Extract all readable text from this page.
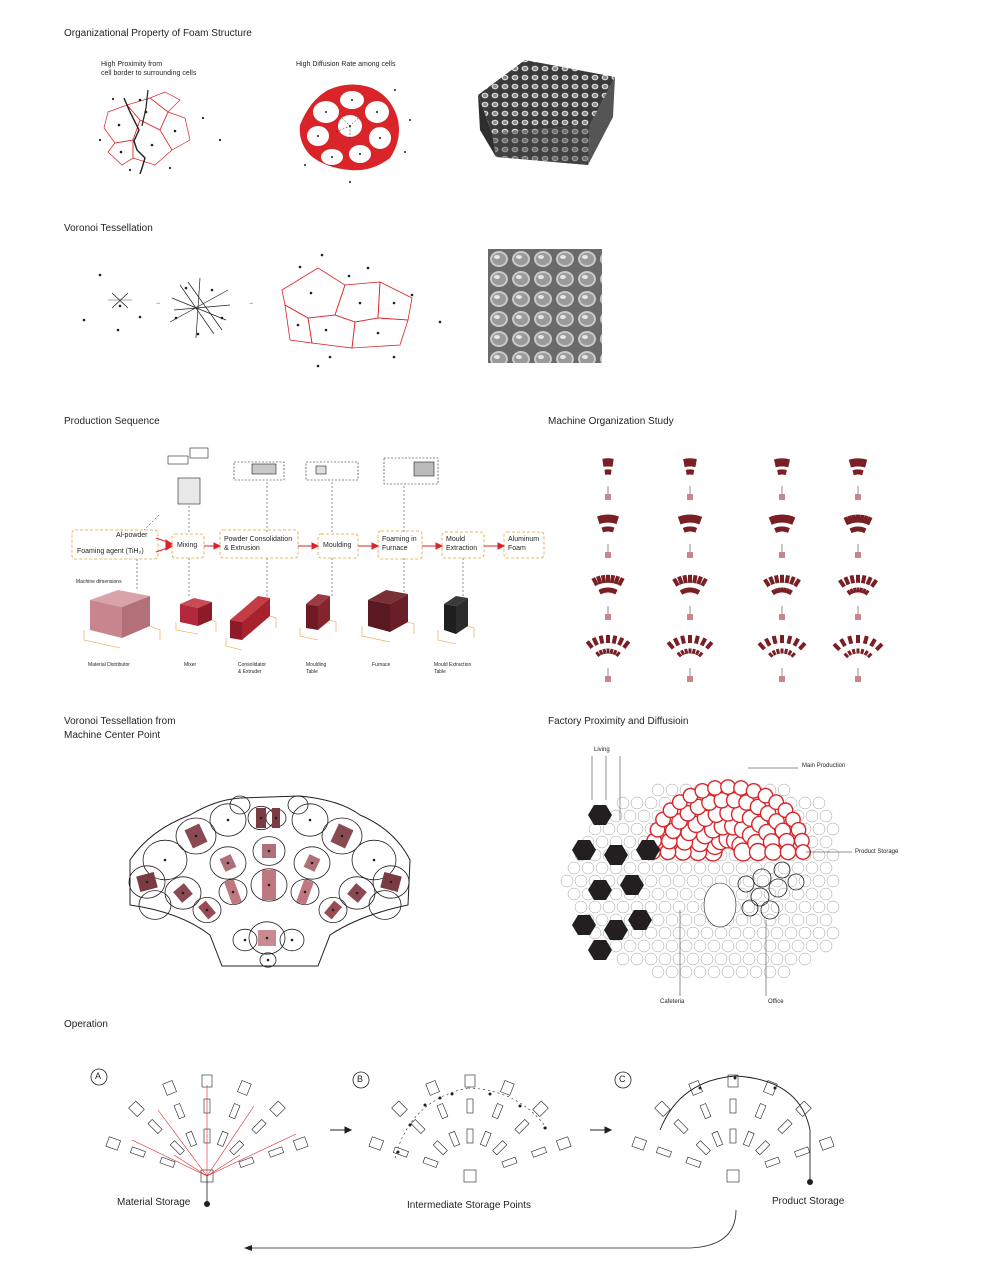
Organizational Property of Foam Structure
High Proximity from
cell border to surrounding cells
High Diffusion Rate among cells
Voronoi Tessellation
→	→
Production Sequence
Al-powder
Foaming agent (TiH₂)
Mixing
Powder Consolidation
& Extrusion	Moulding
Foaming in
Furnace
Mould
Extraction
Aluminum
Foam
Machine dimensions
Material Distributor	Mixer	Consolidator
& Extruder
Moulding
Table
Furnace	Mould Extraction
Table
Machine Organization Study
Voronoi Tessellation from
Machine Center Point
Factory Proximity and Diffusioin
Living
Main Production
Product Storage
Cafeteria	Office
Operation
A	B	C
Material Storage	Intermediate Storage Points	Product Storage
